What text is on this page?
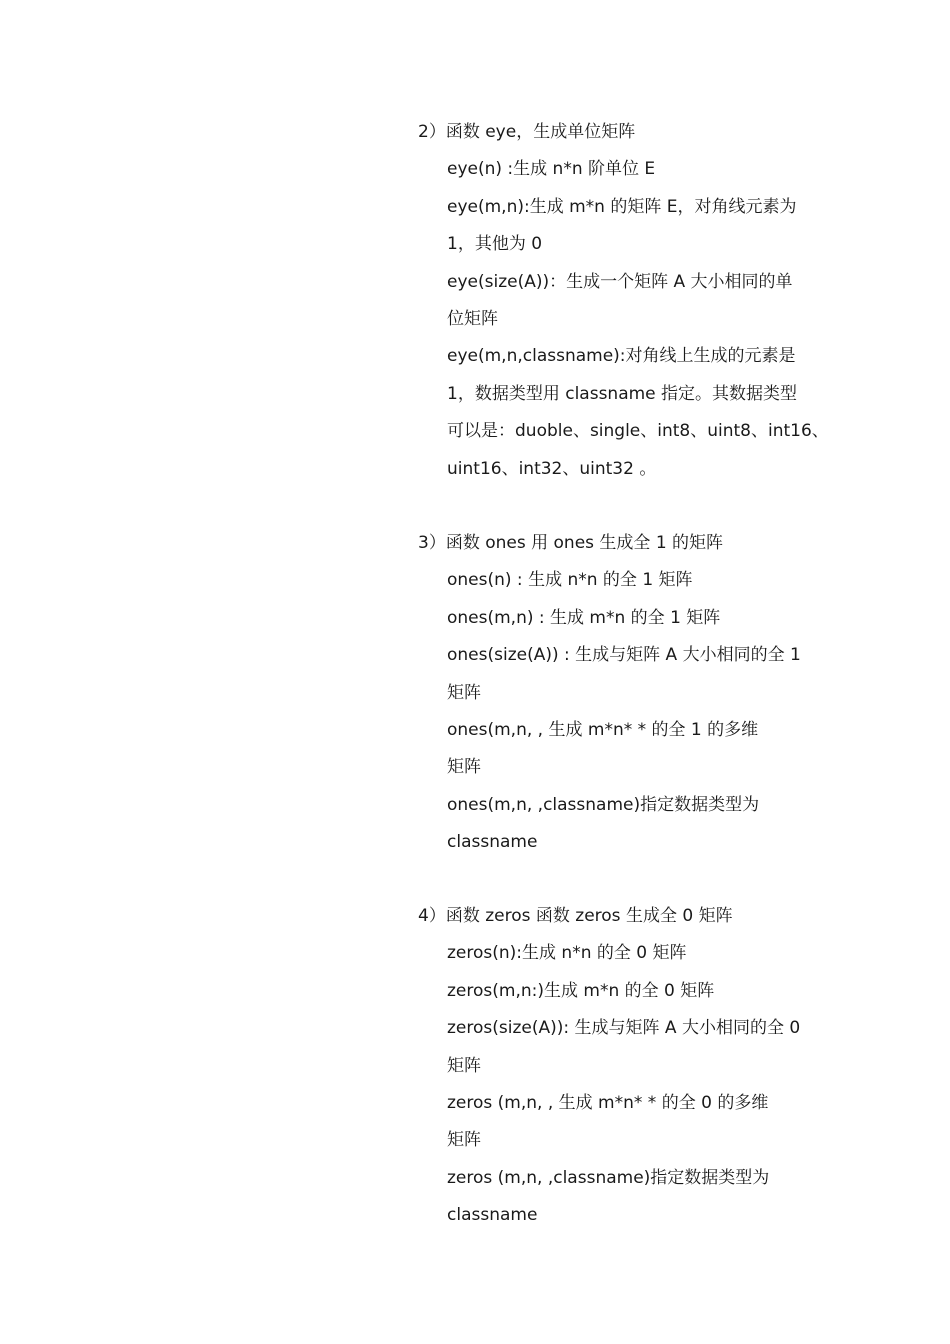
2）函数 eye，生成单位矩阵
eye(n) :生成 n*n 阶单位 E
eye(m,n):生成 m*n 的矩阵 E，对角线元素为
1，其他为 0
eye(size(A))：生成一个矩阵 A 大小相同的单
位矩阵
eye(m,n,classname):对角线上生成的元素是
1，数据类型用 classname 指定。其数据类型
可以是：duoble、single、int8、uint8、int16、
uint16、int32、uint32 。
3）函数 ones 用 ones 生成全 1 的矩阵
ones(n) : 生成 n*n 的全 1 矩阵
ones(m,n) : 生成 m*n 的全 1 矩阵
ones(size(A)) : 生成与矩阵 A 大小相同的全 1
矩阵
ones(m,n, , 生成 m*n* * 的全 1 的多维
矩阵
ones(m,n, ,classname)指定数据类型为
classname
4）函数 zeros 函数 zeros 生成全 0 矩阵
zeros(n):生成 n*n 的全 0 矩阵
zeros(m,n:)生成 m*n 的全 0 矩阵
zeros(size(A)): 生成与矩阵 A 大小相同的全 0
矩阵
zeros (m,n, , 生成 m*n* * 的全 0 的多维
矩阵
zeros (m,n, ,classname)指定数据类型为
classname
